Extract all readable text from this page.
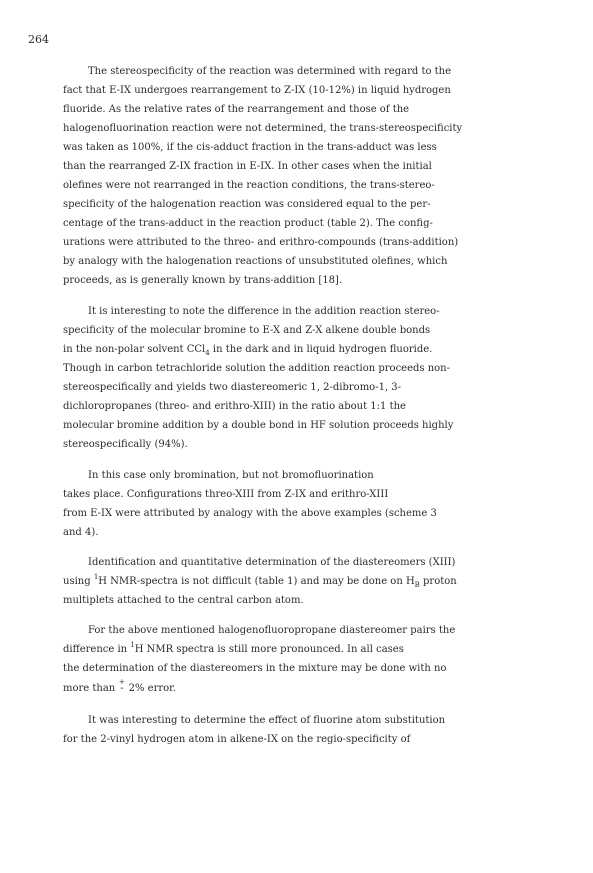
264
The stereospecificity of the reaction was determined with regard to the
fact that E-IX undergoes rearrangement to Z-IX (10-12%) in liquid hydrogen
fluoride. As the relative rates of the rearrangement and those of the
halogenofluorination reaction were not determined, the trans-stereospecificity
was taken as 100%, if the cis-adduct fraction in the trans-adduct was less
than the rearranged Z-IX fraction in E-IX. In other cases when the initial
olefines were not rearranged in the reaction conditions, the trans-stereo-
specificity of the halogenation reaction was considered equal to the per-
centage of the trans-adduct in the reaction product (table 2). The config-
urations were attributed to the threo- and erithro-compounds (trans-addition)
by analogy with the halogenation reactions of unsubstituted olefines, which
proceeds, as is generally known by trans-addition [18].
It is interesting to note the difference in the addition reaction stereo-
specificity of the molecular bromine to E-X and Z-X alkene double bonds
in the non-polar solvent CCl$_4$ in the dark and in liquid hydrogen fluoride.
Though in carbon tetrachloride solution the addition reaction proceeds non-
stereospecifically and yields two diastereomeric 1, 2-dibromo-1, 3-
dichloropropanes (threo- and erithro-XIII) in the ratio about 1:1 the
molecular bromine addition by a double bond in HF solution proceeds highly
stereospecifically (94%).
In this case only bromination, but not bromofluorination
takes place. Configurations threo-XIII from Z-IX and erithro-XIII
from E-IX were attributed by analogy with the above examples (scheme 3
and 4).
Identification and quantitative determination of the diastereomers (XIII)
using $^1$H NMR-spectra is not difficult (table 1) and may be done on $H_B$ proton
multiplets attached to the central carbon atom.
For the above mentioned halogenofluoropropane diastereomer pairs the
difference in $^1$H NMR spectra is still more pronounced. In all cases
the determination of the diastereomers in the mixture may be done with no
more than
+
- 2% error.
It was interesting to determine the effect of fluorine atom substitution
for the 2-vinyl hydrogen atom in alkene-IX on the regio-specificity of
